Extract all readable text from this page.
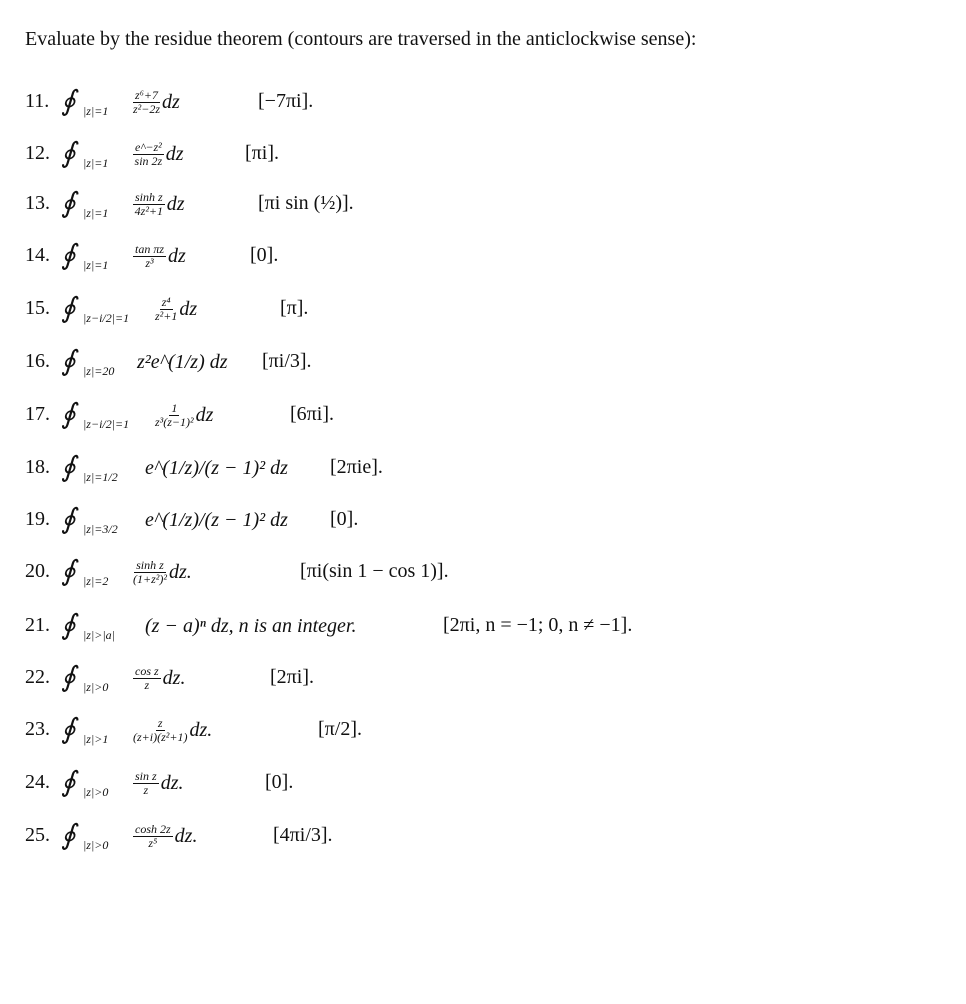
Evaluate by the residue theorem (contours are traversed in the anticlockwise sense):
11. ∮ $|z|=1 \frac{\text{z⁶+7}}{\text{z²−2z}}$ dz	[−7πi].
12. ∮ $|z|=1 \frac{\text{e\textasciicircum{}−z²}}{\sin 2z}$ dz	[πi].
13. ∮ $|z|=1 \frac{\text{sinh z}}{\text{4z²+1}}$ dz	[πi sin (½)].
14. ∮ $|z|=1 \frac{\text{tan πz}}{\text{z³}}$ dz	[0].
15. ∮ $|z-i/2|=1 \frac{\text{z⁴}}{\text{z²+1}}$ dz	[π].
16. ∮ |z|=20 z²e^(1/z) dz [πi/3].
17. ∮ $|z-i/2|=1 \frac{1}{\text{z³(z−1)²}}$ dz	[6πi].
18. ∮ |z|=1/2 e^(1/z)/(z − 1)² dz [2πie].
19. ∮ |z|=3/2 e^(1/z)/(z − 1)² dz [0].
20. ∮ $|z|=2 \frac{\text{sinh z}}{\text{(1+z²)²}}$ dz.	[πi(sin 1 − cos 1)].
21. ∮ |z|>|a| (z − a)ⁿ dz, n is an integer.	[2πi, n = −1; 0, n ≠ −1].
22. ∮ $|z|>0 \frac{\text{cos z}}{z}$ dz.	[2πi].
23. ∮ $|z|>1 \frac{z}{\text{(z+i)(z²+1)}}$ dz.	[π/2].
24. ∮ $|z|>0 \frac{\text{sin z}}{z}$ dz.	[0].
25. ∮ $|z|>0 \frac{\cosh 2z}{\text{z⁵}}$ dz.	[4πi/3].
